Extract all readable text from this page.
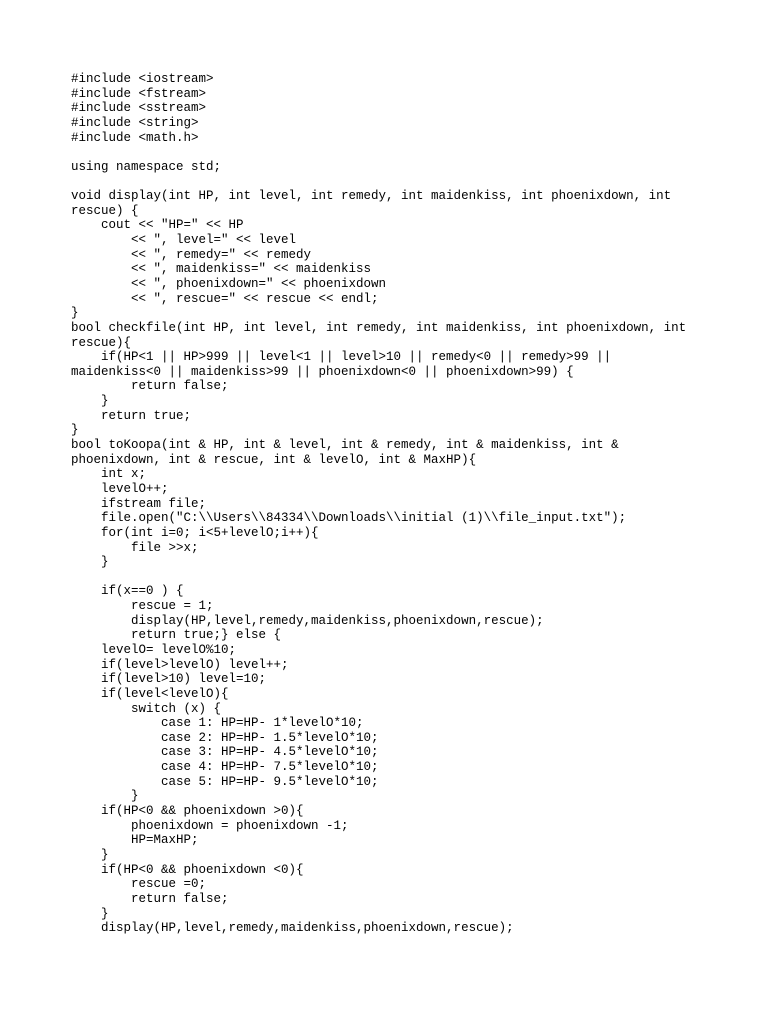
#include <iostream>
#include <fstream>
#include <sstream>
#include <string>
#include <math.h>
using namespace std;
void display(int HP, int level, int remedy, int maidenkiss, int phoenixdown, int
rescue) {
cout << "HP=" << HP
<< ", level=" << level
<< ", remedy=" << remedy
<< ", maidenkiss=" << maidenkiss
<< ", phoenixdown=" << phoenixdown
<< ", rescue=" << rescue << endl;
}
bool checkfile(int HP, int level, int remedy, int maidenkiss, int phoenixdown, int
rescue){
if(HP<1 || HP>999 || level<1 || level>10 || remedy<0 || remedy>99 ||
maidenkiss<0 || maidenkiss>99 || phoenixdown<0 || phoenixdown>99) {
return false;
}
return true;
}
bool toKoopa(int & HP, int & level, int & remedy, int & maidenkiss, int &
phoenixdown, int & rescue, int & levelO, int & MaxHP){
int x;
levelO++;
ifstream file;
file.open("C:\\Users\\84334\\Downloads\\initial (1)\\file_input.txt");
for(int i=0; i<5+levelO;i++){
file >>x;
}
if(x==0 ) {
rescue = 1;
display(HP,level,remedy,maidenkiss,phoenixdown,rescue);
return true;} else {
levelO= levelO%10;
if(level>levelO) level++;
if(level>10) level=10;
if(level<levelO){
switch (x) {
case 1: HP=HP- 1*levelO*10;
case 2: HP=HP- 1.5*levelO*10;
case 3: HP=HP- 4.5*levelO*10;
case 4: HP=HP- 7.5*levelO*10;
case 5: HP=HP- 9.5*levelO*10;
}
if(HP<0 && phoenixdown >0){
phoenixdown = phoenixdown -1;
HP=MaxHP;
}
if(HP<0 && phoenixdown <0){
rescue =0;
return false;
}
display(HP,level,remedy,maidenkiss,phoenixdown,rescue);
